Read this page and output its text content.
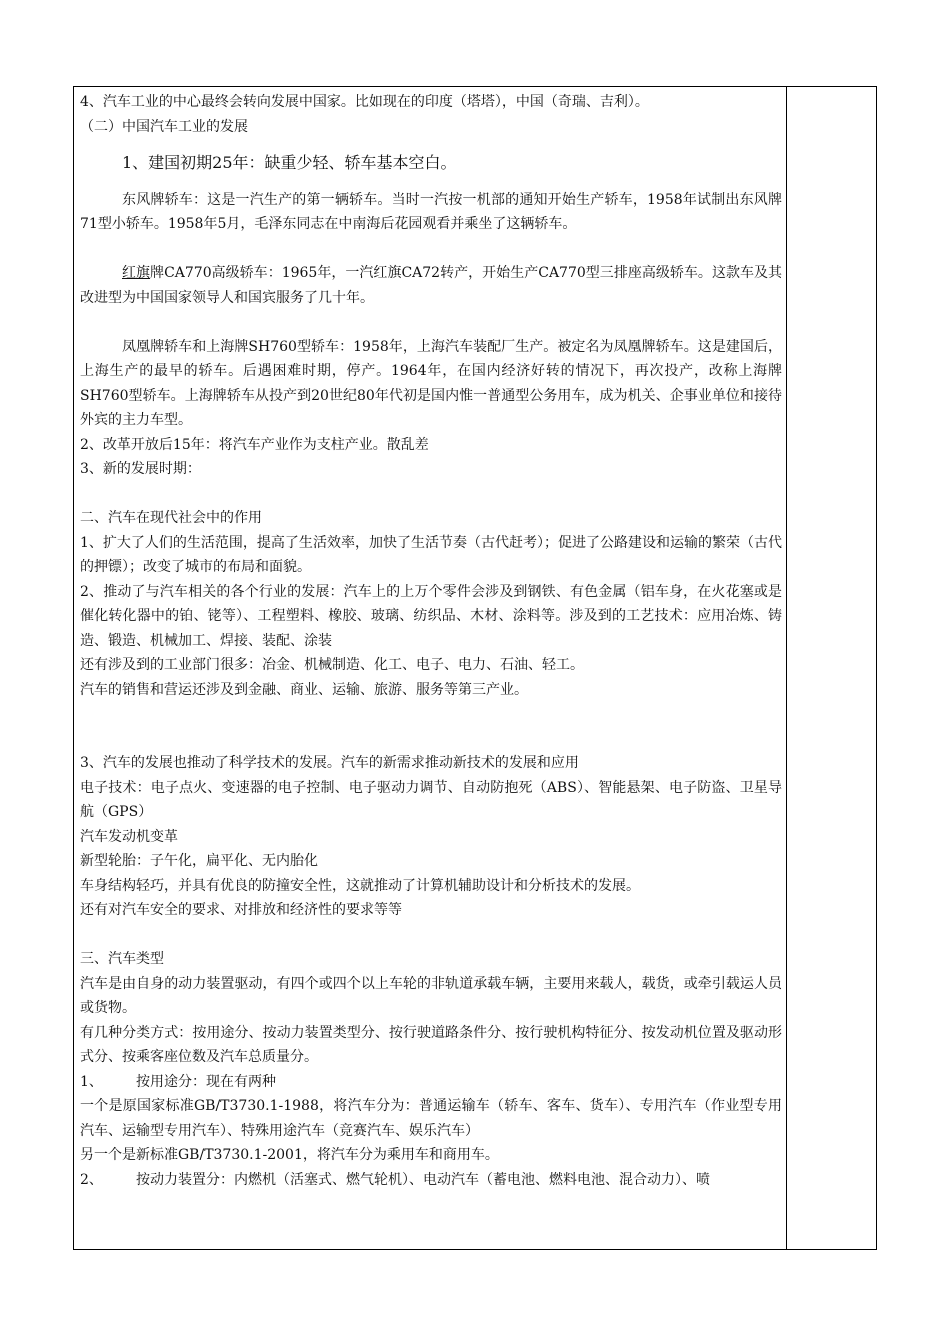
4、汽车工业的中心最终会转向发展中国家。比如现在的印度（塔塔），中国（奇瑞、吉利）。

（二）中国汽车工业的发展

1、建国初期25年：缺重少轻、轿车基本空白。

东风牌轿车：这是一汽生产的第一辆轿车。当时一汽按一机部的通知开始生产轿车，1958年试制出东风牌71型小轿车。1958年5月，毛泽东同志在中南海后花园观看并乘坐了这辆轿车。

红旗牌CA770高级轿车：1965年，一汽红旗CA72转产，开始生产CA770型三排座高级轿车。这款车及其改进型为中国国家领导人和国宾服务了几十年。

凤凰牌轿车和上海牌SH760型轿车：1958年，上海汽车装配厂生产。被定名为凤凰牌轿车。这是建国后，上海生产的最早的轿车。后遇困难时期，停产。1964年，在国内经济好转的情况下，再次投产，改称上海牌SH760型轿车。上海牌轿车从投产到20世纪80年代初是国内惟一普通型公务用车，成为机关、企事业单位和接待外宾的主力车型。

2、改革开放后15年：将汽车产业作为支柱产业。散乱差

3、新的发展时期：

二、汽车在现代社会中的作用

1、扩大了人们的生活范围，提高了生活效率，加快了生活节奏（古代赶考）；促进了公路建设和运输的繁荣（古代的押镖）；改变了城市的布局和面貌。

2、推动了与汽车相关的各个行业的发展：汽车上的上万个零件会涉及到钢铁、有色金属（铝车身，在火花塞或是催化转化器中的铂、铑等）、工程塑料、橡胶、玻璃、纺织品、木材、涂料等。涉及到的工艺技术：应用冶炼、铸造、锻造、机械加工、焊接、装配、涂装

还有涉及到的工业部门很多：冶金、机械制造、化工、电子、电力、石油、轻工。

汽车的销售和营运还涉及到金融、商业、运输、旅游、服务等第三产业。

3、汽车的发展也推动了科学技术的发展。汽车的新需求推动新技术的发展和应用

电子技术：电子点火、变速器的电子控制、电子驱动力调节、自动防抱死（ABS）、智能悬架、电子防盗、卫星导航（GPS）

汽车发动机变革

新型轮胎：子午化，扁平化、无内胎化

车身结构轻巧，并具有优良的防撞安全性，这就推动了计算机辅助设计和分析技术的发展。

还有对汽车安全的要求、对排放和经济性的要求等等

三、汽车类型

汽车是由自身的动力装置驱动，有四个或四个以上车轮的非轨道承载车辆，主要用来载人，载货，或牵引载运人员或货物。

有几种分类方式：按用途分、按动力装置类型分、按行驶道路条件分、按行驶机构特征分、按发动机位置及驱动形式分、按乘客座位数及汽车总质量分。

1、 按用途分：现在有两种

一个是原国家标准GB/T3730.1-1988，将汽车分为：普通运输车（轿车、客车、货车）、专用汽车（作业型专用汽车、运输型专用汽车）、特殊用途汽车（竞赛汽车、娱乐汽车）

另一个是新标准GB/T3730.1-2001，将汽车分为乘用车和商用车。

2、 按动力装置分：内燃机（活塞式、燃气轮机）、电动汽车（蓄电池、燃料电池、混合动力）、喷
